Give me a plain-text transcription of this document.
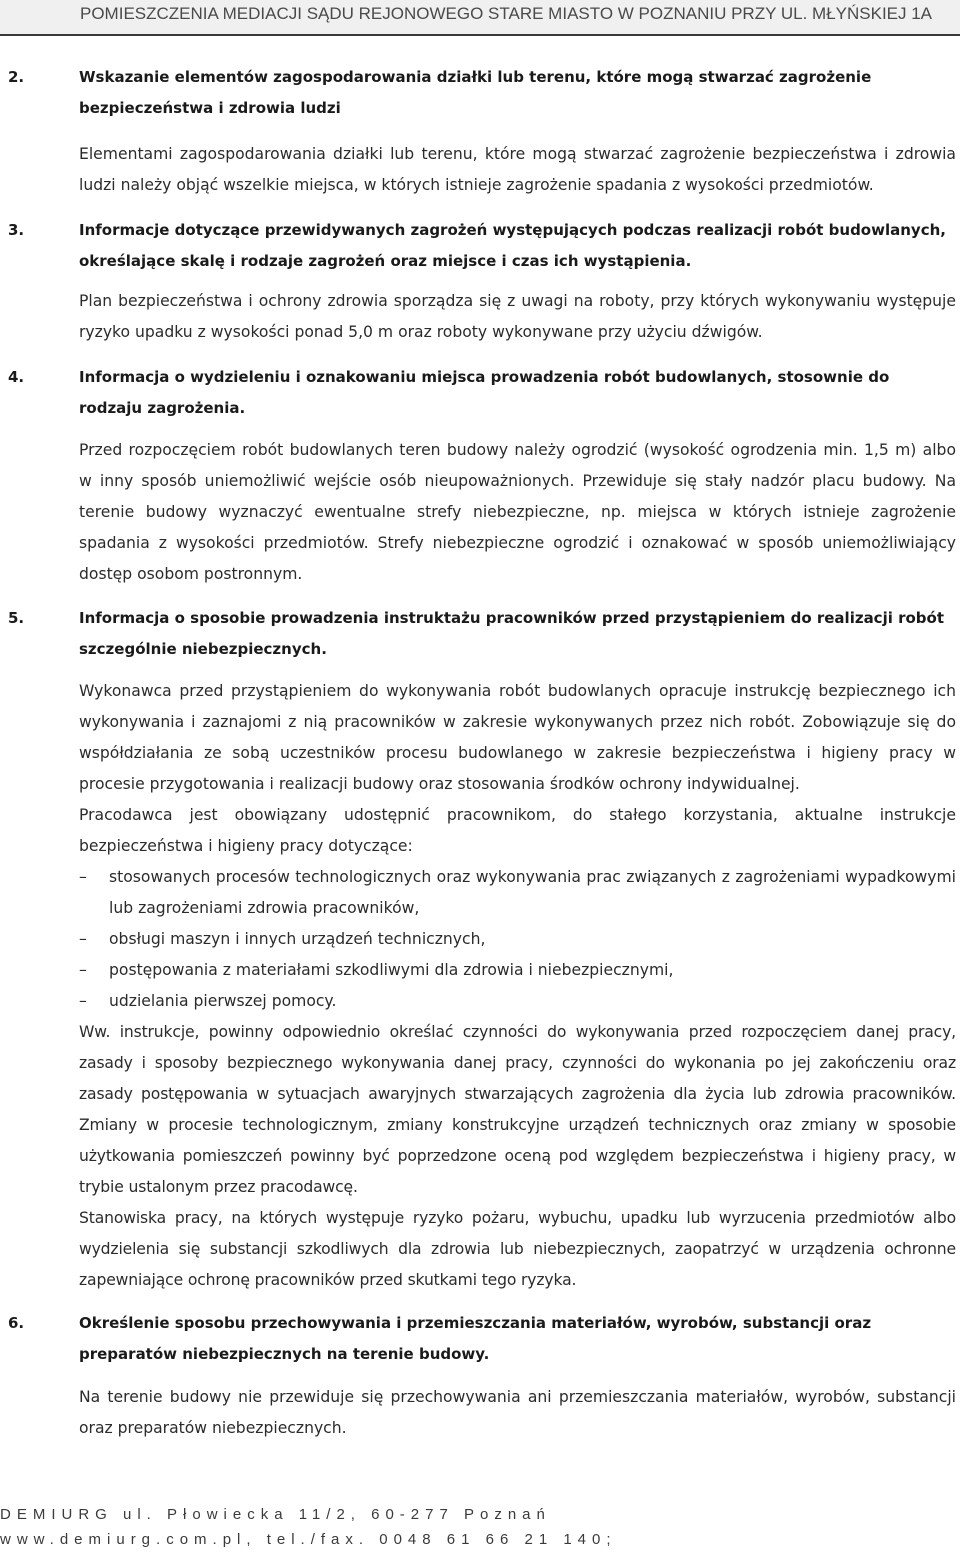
POMIESZCZENIA MEDIACJI SĄDU REJONOWEGO STARE MIASTO W POZNANIU PRZY UL. MŁYŃSKIEJ 1A
2.	Wskazanie elementów zagospodarowania działki lub terenu, które mogą stwarzać zagrożenie bezpieczeństwa i zdrowia ludzi
Elementami zagospodarowania działki lub terenu, które mogą stwarzać zagrożenie bezpieczeństwa i zdrowia ludzi należy objąć wszelkie miejsca, w których istnieje zagrożenie spadania z wysokości przedmiotów.
3.	Informacje dotyczące przewidywanych zagrożeń występujących podczas realizacji robót budowlanych, określające skalę i rodzaje zagrożeń oraz miejsce i czas ich wystąpienia.
Plan bezpieczeństwa i ochrony zdrowia sporządza się z uwagi na roboty, przy których wykonywaniu występuje ryzyko upadku z wysokości ponad 5,0 m oraz roboty wykonywane przy użyciu dźwigów.
4.	Informacja o wydzieleniu i oznakowaniu miejsca prowadzenia robót budowlanych, stosownie do rodzaju zagrożenia.
Przed rozpoczęciem robót budowlanych teren budowy należy ogrodzić (wysokość ogrodzenia min. 1,5 m) albo w inny sposób uniemożliwić wejście osób nieupoważnionych. Przewiduje się stały nadzór placu budowy. Na terenie budowy wyznaczyć ewentualne strefy niebezpieczne, np. miejsca w których istnieje zagrożenie spadania z wysokości przedmiotów. Strefy niebezpieczne ogrodzić i oznakować w sposób uniemożliwiający dostęp osobom postronnym.
5.	Informacja o sposobie prowadzenia instruktażu pracowników przed przystąpieniem do realizacji robót szczególnie niebezpiecznych.
Wykonawca przed przystąpieniem do wykonywania robót budowlanych opracuje instrukcję bezpiecznego ich wykonywania i zaznajomi z nią pracowników w zakresie wykonywanych przez nich robót. Zobowiązuje się do współdziałania ze sobą uczestników procesu budowlanego w zakresie bezpieczeństwa i higieny pracy w procesie przygotowania i realizacji budowy oraz stosowania środków ochrony indywidualnej.
Pracodawca jest obowiązany udostępnić pracownikom, do stałego korzystania, aktualne instrukcje bezpieczeństwa i higieny pracy dotyczące:
– stosowanych procesów technologicznych oraz wykonywania prac związanych z zagrożeniami wypadkowymi lub zagrożeniami zdrowia pracowników,
– obsługi maszyn i innych urządzeń technicznych,
– postępowania z materiałami szkodliwymi dla zdrowia i niebezpiecznymi,
– udzielania pierwszej pomocy.
Ww. instrukcje, powinny odpowiednio określać czynności do wykonywania przed rozpoczęciem danej pracy, zasady i sposoby bezpiecznego wykonywania danej pracy, czynności do wykonania po jej zakończeniu oraz zasady postępowania w sytuacjach awaryjnych stwarzających zagrożenia dla życia lub zdrowia pracowników. Zmiany w procesie technologicznym, zmiany konstrukcyjne urządzeń technicznych oraz zmiany w sposobie użytkowania pomieszczeń powinny być poprzedzone oceną pod względem bezpieczeństwa i higieny pracy, w trybie ustalonym przez pracodawcę.
Stanowiska pracy, na których występuje ryzyko pożaru, wybuchu, upadku lub wyrzucenia przedmiotów albo wydzielenia się substancji szkodliwych dla zdrowia lub niebezpiecznych, zaopatrzyć w urządzenia ochronne zapewniające ochronę pracowników przed skutkami tego ryzyka.
6.	Określenie sposobu przechowywania i przemieszczania materiałów, wyrobów, substancji oraz preparatów niebezpiecznych na terenie budowy.
Na terenie budowy nie przewiduje się przechowywania ani przemieszczania materiałów, wyrobów, substancji oraz preparatów niebezpiecznych.
DEMIURG ul. Płowiecka 11/2, 60-277 Poznań
www.demiurg.com.pl, tel./fax. 0048 61 66 21 140;
